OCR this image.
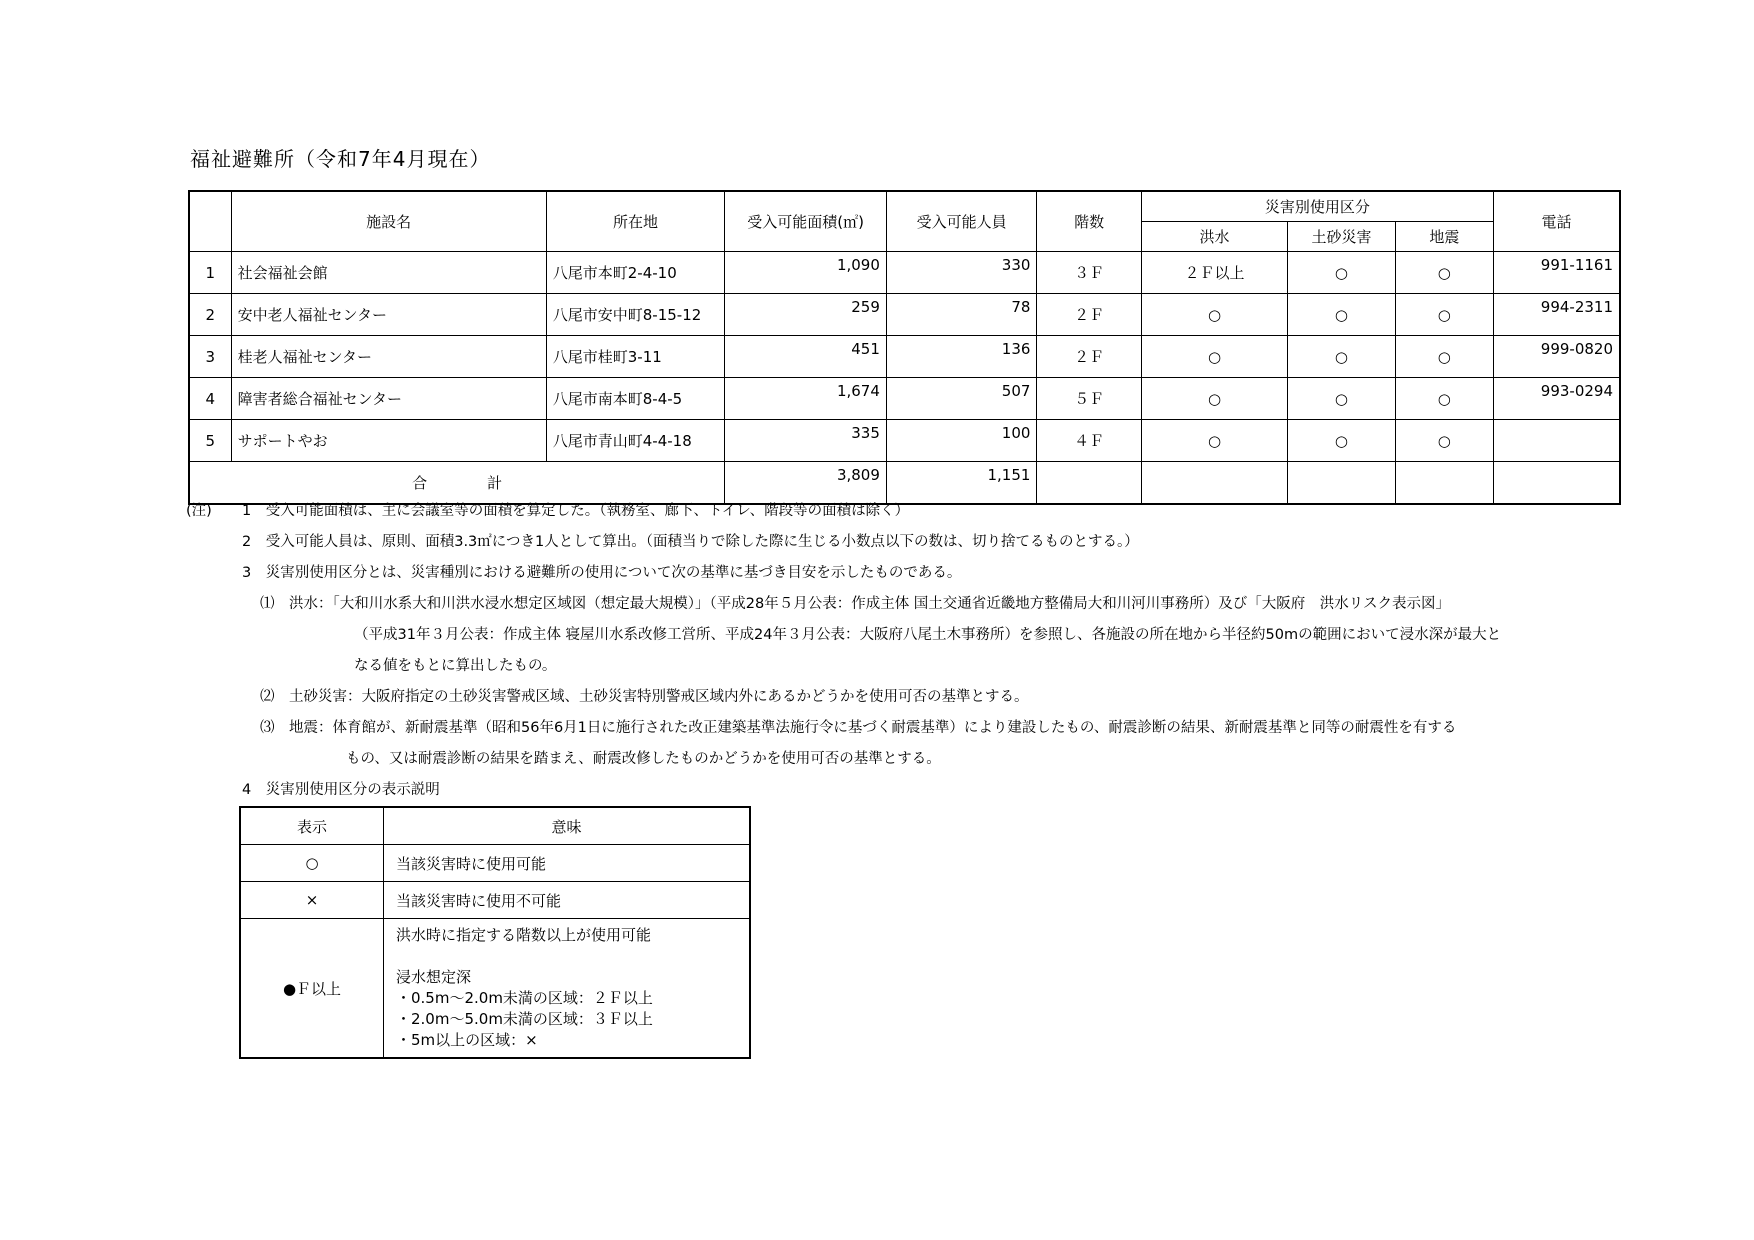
福祉避難所（令和7年4月現在）
	施設名	所在地	受入可能面積(㎡)	受入可能人員	階数	災害別使用区分			電話
						洪水	土砂災害	地震	
1	社会福祉会館	八尾市本町2-4-10	1,090	330	３Ｆ	２Ｆ以上	○	○	991-1161
2	安中老人福祉センター	八尾市安中町8-15-12	259	78	２Ｆ	○	○	○	994-2311
3	桂老人福祉センター	八尾市桂町3-11	451	136	２Ｆ	○	○	○	999-0820
4	障害者総合福祉センター	八尾市南本町8-4-5	1,674	507	５Ｆ	○	○	○	993-0294
5	サポートやお	八尾市青山町4-4-18	335	100	４Ｆ	○	○	○	
合　　　　計			3,809	1,151					
(注) 1　受入可能面積は、主に会議室等の面積を算定した。（執務室、廊下、トイレ、階段等の面積は除く）
2　受入可能人員は、原則、面積3.3㎡につき1人として算出。（面積当りで除した際に生じる小数点以下の数は、切り捨てるものとする。）
3　災害別使用区分とは、災害種別における避難所の使用について次の基準に基づき目安を示したものである。
⑴　洪水：「大和川水系大和川洪水浸水想定区域図（想定最大規模）」（平成28年５月公表：作成主体 国土交通省近畿地方整備局大和川河川事務所）及び「大阪府　洪水リスク表示図」
（平成31年３月公表：作成主体 寝屋川水系改修工営所、平成24年３月公表：大阪府八尾土木事務所）を参照し、各施設の所在地から半径約50mの範囲において浸水深が最大と
なる値をもとに算出したもの。
⑵　土砂災害：大阪府指定の土砂災害警戒区域、土砂災害特別警戒区域内外にあるかどうかを使用可否の基準とする。
⑶　地震：体育館が、新耐震基準（昭和56年6月1日に施行された改正建築基準法施行令に基づく耐震基準）により建設したもの、耐震診断の結果、新耐震基準と同等の耐震性を有する
もの、又は耐震診断の結果を踏まえ、耐震改修したものかどうかを使用可否の基準とする。
4　災害別使用区分の表示説明
表示	意味
○	当該災害時に使用可能
×	当該災害時に使用不可能
●Ｆ以上	洪水時に指定する階数以上が使用可能
浸水想定深
・0.5m～2.0m未満の区域：２Ｆ以上
・2.0m～5.0m未満の区域：３Ｆ以上
・5m以上の区域：×
